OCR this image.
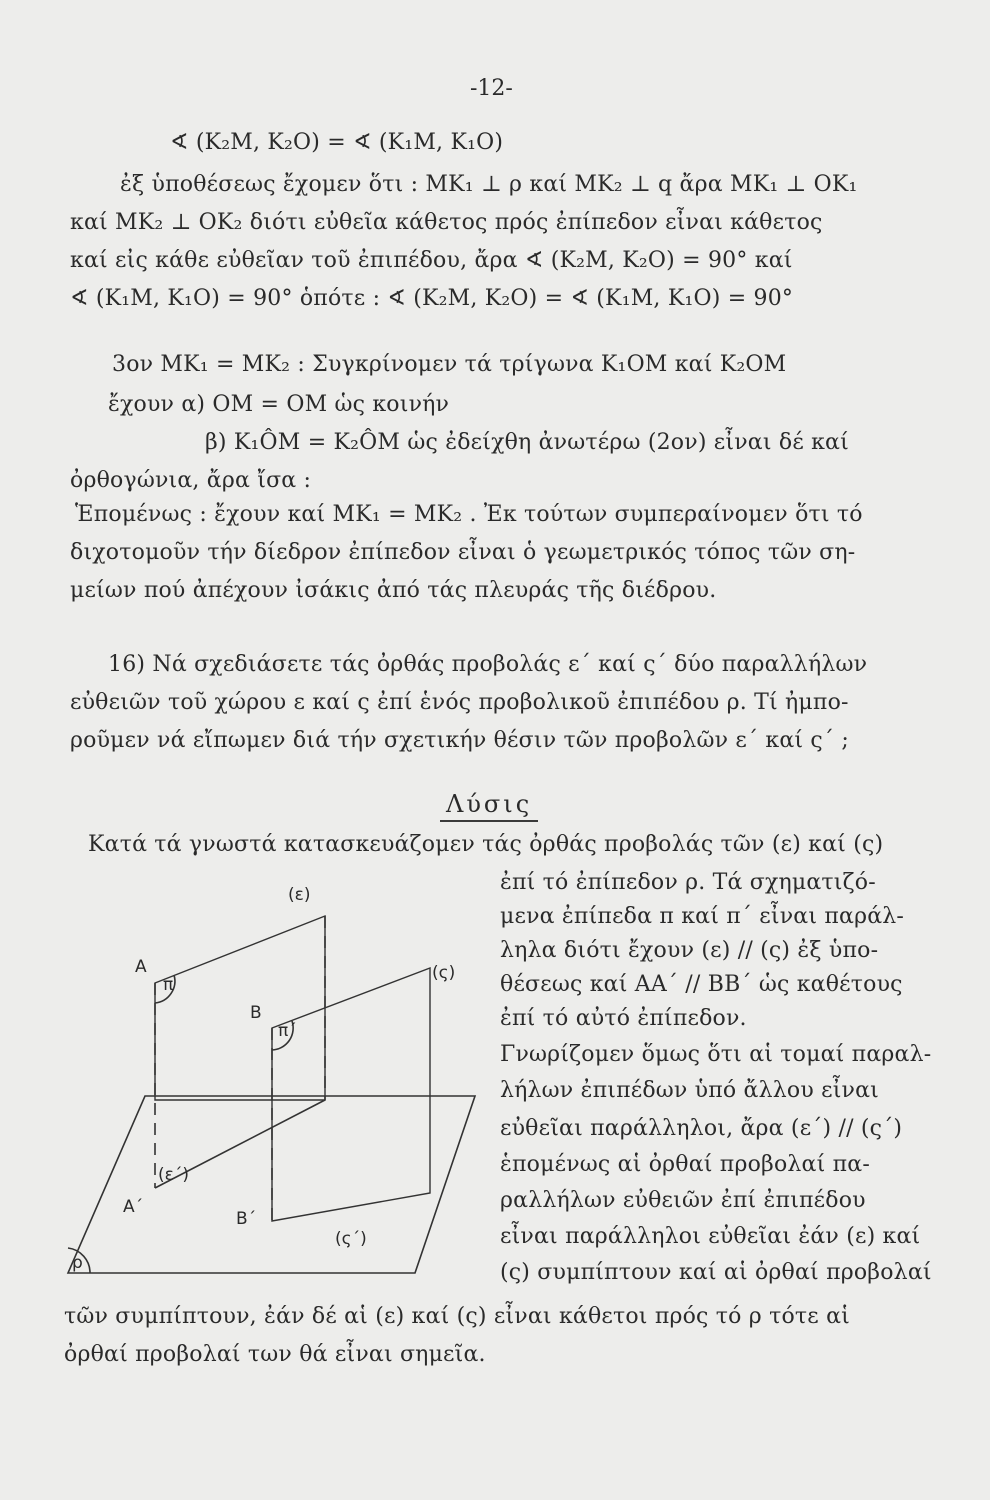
-12-
∢ (K₂M, K₂O) = ∢ (K₁M, K₁O)
ἐξ ὑποθέσεως ἔχομεν ὅτι : MK₁ ⊥ ρ καί MK₂ ⊥ q ἄρα MK₁ ⊥ OK₁
καί MK₂ ⊥ OK₂ διότι εὐθεῖα κάθετος πρός ἐπίπεδον εἶναι κάθετος
καί εἰς κάθε εὐθεῖαν τοῦ ἐπιπέδου, ἄρα ∢ (K₂M, K₂O) = 90° καί
∢ (K₁M, K₁O) = 90° ὁπότε : ∢ (K₂M, K₂O) = ∢ (K₁M, K₁O) = 90°
3ον MK₁ = MK₂ : Συγκρίνομεν τά τρίγωνα K₁OM καί K₂OM
ἔχουν α) OM = OM ὡς κοινήν
β) K₁ÔM = K₂ÔM ὡς ἐδείχθη ἀνωτέρω (2ον) εἶναι δέ καί
ὀρθογώνια, ἄρα ἴσα :
Ἑπομένως : ἔχουν καί MK₁ = MK₂ . Ἐκ τούτων συμπεραίνομεν ὅτι τό
διχοτομοῦν τήν δίεδρον ἐπίπεδον εἶναι ὁ γεωμετρικός τόπος τῶν ση-
μείων πού ἀπέχουν ἰσάκις ἀπό τάς πλευράς τῆς διέδρου.
16) Νά σχεδιάσετε τάς ὀρθάς προβολάς ε΄ καί ς΄ δύο παραλλήλων
εὐθειῶν τοῦ χώρου ε καί ς ἐπί ἑνός προβολικοῦ ἐπιπέδου ρ. Τί ἠμπο-
ροῦμεν νά εἴπωμεν διά τήν σχετικήν θέσιν τῶν προβολῶν ε΄ καί ς΄ ;
Λύσις
Κατά τά γνωστά κατασκευάζομεν τάς ὀρθάς προβολάς τῶν (ε) καί (ς)
ἐπί τό ἐπίπεδον ρ. Τά σχηματιζό-
μενα ἐπίπεδα π καί π΄ εἶναι παράλ-
ληλα διότι ἔχουν (ε) // (ς) ἐξ ὑπο-
θέσεως καί AA΄ // BB΄ ὡς καθέτους
ἐπί τό αὐτό ἐπίπεδον.
Γνωρίζομεν ὅμως ὅτι αἱ τομαί παραλ-
λήλων ἐπιπέδων ὑπό ἄλλου εἶναι
εὐθεῖαι παράλληλοι, ἄρα (ε΄) // (ς΄)
ἑπομένως αἱ ὀρθαί προβολαί πα-
ραλλήλων εὐθειῶν ἐπί ἐπιπέδου
εἶναι παράλληλοι εὐθεῖαι ἐάν (ε) καί
(ς) συμπίπτουν καί αἱ ὀρθαί προβολαί
τῶν συμπίπτουν, ἐάν δέ αἱ (ε) καί (ς) εἶναι κάθετοι πρός τό ρ τότε αἱ
ὀρθαί προβολαί των θά εἶναι σημεῖα.
(ε)
(ς)
A
B
π
π΄
(ε΄)
(ς΄)
A΄
B΄
ρ
